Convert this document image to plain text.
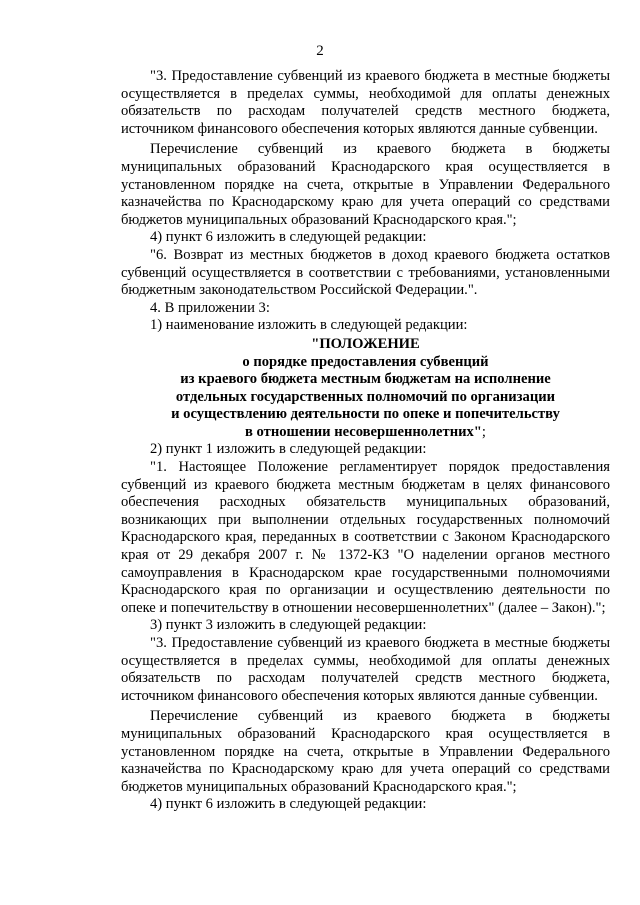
2

"3. Предоставление субвенций из краевого бюджета в местные бюджеты осуществляется в пределах суммы, необходимой для оплаты денежных обязательств по расходам получателей средств местного бюджета, источником финансового обеспечения которых являются данные субвенции.

Перечисление субвенций из краевого бюджета в бюджеты муниципальных образований Краснодарского края осуществляется в установленном порядке на счета, открытые в Управлении Федерального казначейства по Краснодарскому краю для учета операций со средствами бюджетов муниципальных образований Краснодарского края.";

4) пункт 6 изложить в следующей редакции:

"6. Возврат из местных бюджетов в доход краевого бюджета остатков субвенций осуществляется в соответствии с требованиями, установленными бюджетным законодательством Российской Федерации.".

4. В приложении 3:

1) наименование изложить в следующей редакции:

"ПОЛОЖЕНИЕ
о порядке предоставления субвенций
из краевого бюджета местным бюджетам на исполнение
отдельных государственных полномочий по организации
и осуществлению деятельности по опеке и попечительству
в отношении несовершеннолетних";

2) пункт 1 изложить в следующей редакции:

"1. Настоящее Положение регламентирует порядок предоставления субвенций из краевого бюджета местным бюджетам в целях финансового обеспечения расходных обязательств муниципальных образований, возникающих при выполнении отдельных государственных полномочий Краснодарского края, переданных в соответствии с Законом Краснодарского края от 29 декабря 2007 г. № 1372-КЗ "О наделении органов местного самоуправления в Краснодарском крае государственными полномочиями Краснодарского края по организации и осуществлению деятельности по опеке и попечительству в отношении несовершеннолетних" (далее – Закон).";

3) пункт 3 изложить в следующей редакции:

"3. Предоставление субвенций из краевого бюджета в местные бюджеты осуществляется в пределах суммы, необходимой для оплаты денежных обязательств по расходам получателей средств местного бюджета, источником финансового обеспечения которых являются данные субвенции.

Перечисление субвенций из краевого бюджета в бюджеты муниципальных образований Краснодарского края осуществляется в установленном порядке на счета, открытые в Управлении Федерального казначейства по Краснодарскому краю для учета операций со средствами бюджетов муниципальных образований Краснодарского края.";

4) пункт 6 изложить в следующей редакции:
